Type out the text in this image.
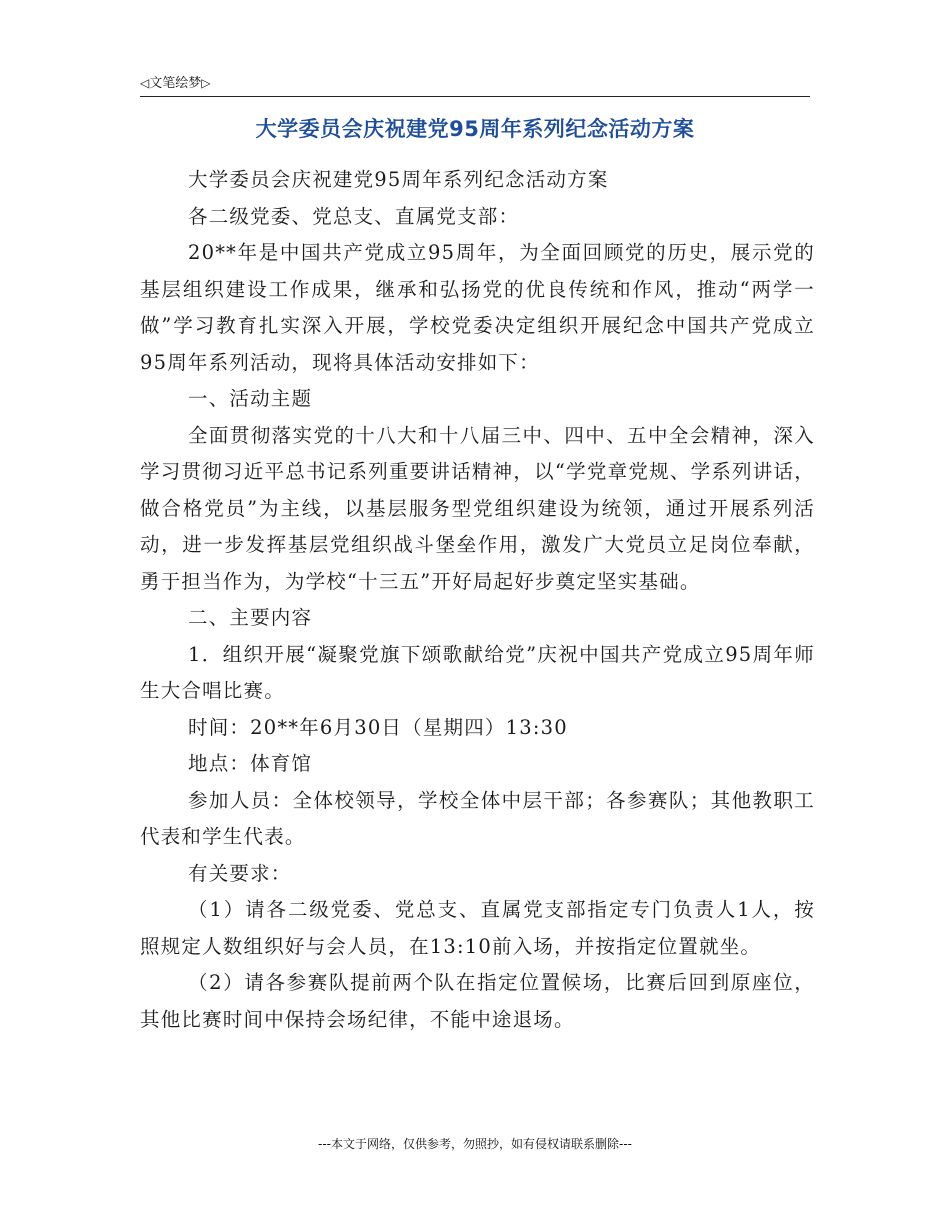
◁文笔绘梦▷
大学委员会庆祝建党95周年系列纪念活动方案

大学委员会庆祝建党95周年系列纪念活动方案

各二级党委、党总支、直属党支部：

20**年是中国共产党成立95周年，为全面回顾党的历史，展示党的基层组织建设工作成果，继承和弘扬党的优良传统和作风，推动“两学一做”学习教育扎实深入开展，学校党委决定组织开展纪念中国共产党成立95周年系列活动，现将具体活动安排如下：

一、活动主题

全面贯彻落实党的十八大和十八届三中、四中、五中全会精神，深入学习贯彻习近平总书记系列重要讲话精神，以“学党章党规、学系列讲话，做合格党员”为主线，以基层服务型党组织建设为统领，通过开展系列活动，进一步发挥基层党组织战斗堡垒作用，激发广大党员立足岗位奉献，勇于担当作为，为学校“十三五”开好局起好步奠定坚实基础。

二、主要内容

1．组织开展“凝聚党旗下颂歌献给党”庆祝中国共产党成立95周年师生大合唱比赛。

时间：20**年6月30日（星期四）13:30

地点：体育馆

参加人员：全体校领导，学校全体中层干部；各参赛队；其他教职工代表和学生代表。

有关要求：

（1）请各二级党委、党总支、直属党支部指定专门负责人1人，按照规定人数组织好与会人员，在13:10前入场，并按指定位置就坐。

（2）请各参赛队提前两个队在指定位置候场，比赛后回到原座位，其他比赛时间中保持会场纪律，不能中途退场。

---本文于网络，仅供参考，勿照抄，如有侵权请联系删除---
